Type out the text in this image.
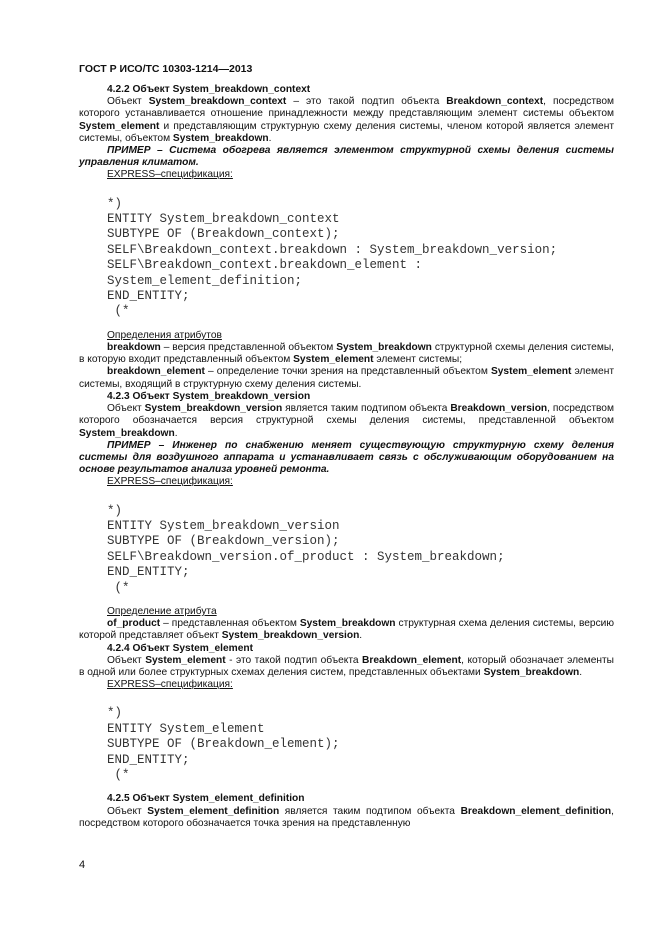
ГОСТ Р ИСО/ТС 10303-1214—2013

4.2.2 Объект System_breakdown_context

Объект System_breakdown_context – это такой подтип объекта Breakdown_context, посредством которого устанавливается отношение принадлежности между представляющим элемент системы объектом System_element и представляющим структурную схему деления системы, членом которой является элемент системы, объектом System_breakdown.

ПРИМЕР – Система обогрева является элементом структурной схемы деления системы управления климатом.

EXPRESS–спецификация:
*)
ENTITY System_breakdown_context
SUBTYPE OF (Breakdown_context);
SELF\Breakdown_context.breakdown : System_breakdown_version;
SELF\Breakdown_context.breakdown_element :
System_element_definition;
END_ENTITY;
(*
Определения атрибутов

breakdown – версия представленной объектом System_breakdown структурной схемы деления системы, в которую входит представленный объектом System_element элемент системы;

breakdown_element – определение точки зрения на представленный объектом System_element элемент системы, входящий в структурную схему деления системы.

4.2.3 Объект System_breakdown_version

Объект System_breakdown_version является таким подтипом объекта Breakdown_version, посредством которого обозначается версия структурной схемы деления системы, представленной объектом System_breakdown.

ПРИМЕР – Инженер по снабжению меняет существующую структурную схему деления системы для воздушного аппарата и устанавливает связь с обслуживающим оборудованием на основе результатов анализа уровней ремонта.

EXPRESS–спецификация:
*)
ENTITY System_breakdown_version
SUBTYPE OF (Breakdown_version);
SELF\Breakdown_version.of_product : System_breakdown;
END_ENTITY;
(*
Определение атрибута

of_product – представленная объектом System_breakdown структурная схема деления системы, версию которой представляет объект System_breakdown_version.

4.2.4 Объект System_element

Объект System_element - это такой подтип объекта Breakdown_element, который обозначает элементы в одной или более структурных схемах деления систем, представленных объектами System_breakdown.

EXPRESS–спецификация:
*)
ENTITY System_element
SUBTYPE OF (Breakdown_element);
END_ENTITY;
(*

4.2.5 Объект System_element_definition

Объект System_element_definition является таким подтипом объекта Breakdown_element_definition, посредством которого обозначается точка зрения на представленную

4
